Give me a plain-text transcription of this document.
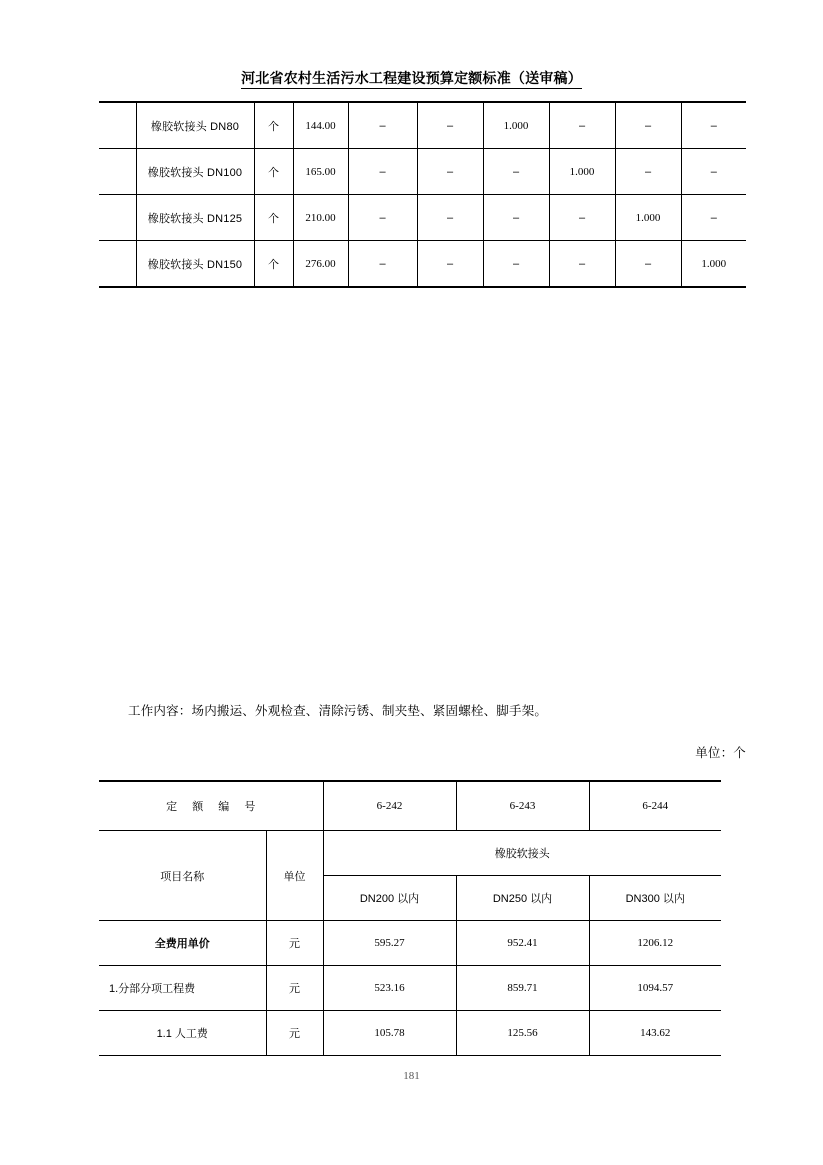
河北省农村生活污水工程建设预算定额标准（送审稿）
	橡胶软接头 DN80	个	144.00	–	–	1.000	–	–	–
	橡胶软接头 DN100	个	165.00	–	–	–	1.000	–	–
	橡胶软接头 DN125	个	210.00	–	–	–	–	1.000	–
	橡胶软接头 DN150	个	276.00	–	–	–	–	–	1.000
工作内容：场内搬运、外观检查、清除污锈、制夹垫、紧固螺栓、脚手架。
单位：个
定 额 编 号		6-242	6-243	6-244
项目名称	单位	橡胶软接头		
		DN200 以内	DN250 以内	DN300 以内
全费用单价	元	595.27	952.41	1206.12
1.分部分项工程费	元	523.16	859.71	1094.57
1.1 人工费	元	105.78	125.56	143.62
181
